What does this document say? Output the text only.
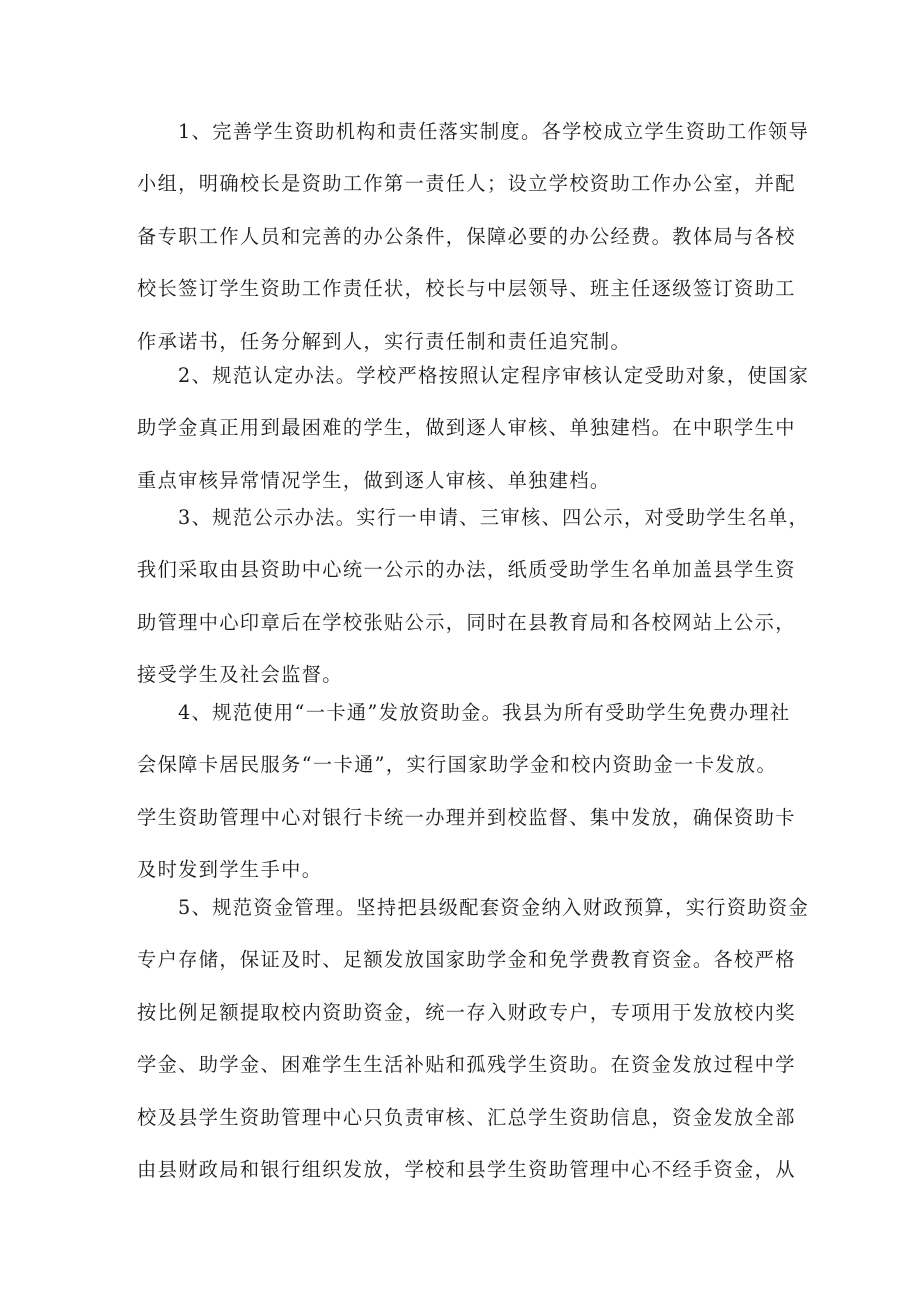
1、完善学生资助机构和责任落实制度。各学校成立学生资助工作领导
小组，明确校长是资助工作第一责任人；设立学校资助工作办公室，并配
备专职工作人员和完善的办公条件，保障必要的办公经费。教体局与各校
校长签订学生资助工作责任状，校长与中层领导、班主任逐级签订资助工
作承诺书，任务分解到人，实行责任制和责任追究制。
2、规范认定办法。学校严格按照认定程序审核认定受助对象，使国家
助学金真正用到最困难的学生，做到逐人审核、单独建档。在中职学生中
重点审核异常情况学生，做到逐人审核、单独建档。
3、规范公示办法。实行一申请、三审核、四公示，对受助学生名单，
我们采取由县资助中心统一公示的办法，纸质受助学生名单加盖县学生资
助管理中心印章后在学校张贴公示，同时在县教育局和各校网站上公示，
接受学生及社会监督。
4、规范使用“一卡通”发放资助金。我县为所有受助学生免费办理社
会保障卡居民服务“一卡通”，实行国家助学金和校内资助金一卡发放。
学生资助管理中心对银行卡统一办理并到校监督、集中发放，确保资助卡
及时发到学生手中。
5、规范资金管理。坚持把县级配套资金纳入财政预算，实行资助资金
专户存储，保证及时、足额发放国家助学金和免学费教育资金。各校严格
按比例足额提取校内资助资金，统一存入财政专户，专项用于发放校内奖
学金、助学金、困难学生生活补贴和孤残学生资助。在资金发放过程中学
校及县学生资助管理中心只负责审核、汇总学生资助信息，资金发放全部
由县财政局和银行组织发放，学校和县学生资助管理中心不经手资金，从
